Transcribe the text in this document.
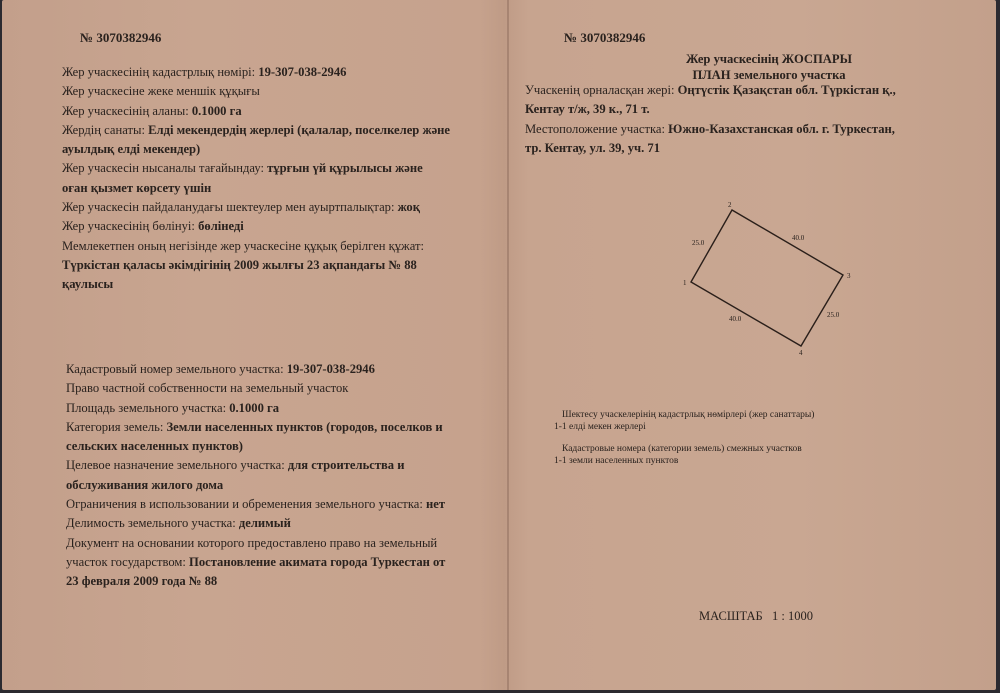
№ 3070382946
Жер учаскесінің кадастрлық нөмірі: 19-307-038-2946
Жер учаскесіне жеке меншік құқығы
Жер учаскесінің аланы: 0.1000 га
Жердің санаты: Елді мекендердің жерлері (қалалар, поселкелер және
ауылдық елді мекендер)
Жер учаскесін нысаналы тағайындау: тұрғын үй құрылысы және
оған қызмет көрсету үшін
Жер учаскесін пайдаланудағы шектеулер мен ауыртпалықтар: жоқ
Жер учаскесінің бөлінуі: бөлінеді
Мемлекетпен оның негізінде жер учаскесіне құқық берілген құжат:
Түркістан қаласы әкімдігінің 2009 жылғы 23 ақпандағы № 88
қаулысы
Кадастровый номер земельного участка: 19-307-038-2946
Право частной собственности на земельный участок
Площадь земельного участка: 0.1000 га
Категория земель: Земли населенных пунктов (городов, поселков и
сельских населенных пунктов)
Целевое назначение земельного участка: для строительства и
обслуживания жилого дома
Ограничения в использовании и обременения земельного участка: нет
Делимость земельного участка: делимый
Документ на основании которого предоставлено право на земельный
участок государством: Постановление акимата города Туркестан от
23 февраля 2009 года № 88
№ 3070382946
Жер учаскесінің ЖОСПАРЫ
ПЛАН земельного участка
Учаскенің орналасқан жері: Оңтүстік Қазақстан обл. Түркістан қ.,
Кентау т/ж, 39 к., 71 т.
Местоположение участка: Южно-Казахстанская обл. г. Туркестан,
тр. Кентау, ул. 39, уч. 71
2
1
3
4
25.0
40.0
25.0
40.0
Шектесу учаскелерінің кадастрлық нөмірлері (жер санаттары)
1-1 елді мекен жерлері
Кадастровые номера (категории земель) смежных участков
1-1 земли населенных пунктов
МАСШТАБ   1 : 1000
